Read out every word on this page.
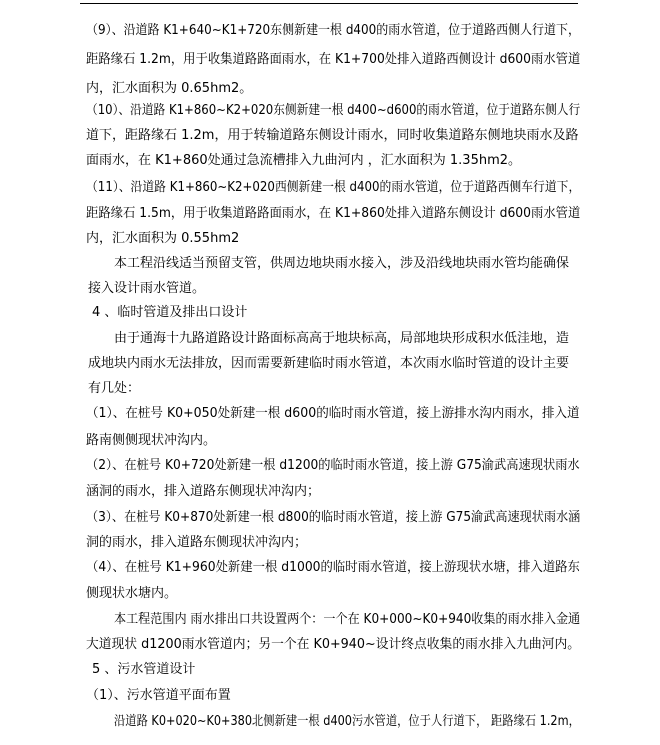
（9）、沿道路 K1+640~K1+720东侧新建一根 d400的雨水管道，位于道路西侧人行道下，
距路缘石 1.2m，用于收集道路路面雨水，在 K1+700处排入道路西侧设计 d600雨水管道
内，汇水面积为 0.65hm2。
（10）、沿道路 K1+860~K2+020东侧新建一根 d400~d600的雨水管道，位于道路东侧人行
道下，距路缘石 1.2m，用于转输道路东侧设计雨水，同时收集道路东侧地块雨水及路
面雨水，在 K1+860处通过急流槽排入九曲河内 ，汇水面积为 1.35hm2。
（11）、沿道路 K1+860~K2+020西侧新建一根 d400的雨水管道，位于道路西侧车行道下，
距路缘石 1.5m，用于收集道路路面雨水，在 K1+860处排入道路东侧设计 d600雨水管道
内，汇水面积为 0.55hm2
本工程沿线适当预留支管，供周边地块雨水接入，涉及沿线地块雨水管均能确保
接入设计雨水管道。
4 、临时管道及排出口设计
由于通海十九路道路设计路面标高高于地块标高，局部地块形成积水低洼地，造
成地块内雨水无法排放，因而需要新建临时雨水管道，本次雨水临时管道的设计主要
有几处：
（1）、在桩号 K0+050处新建一根 d600的临时雨水管道，接上游排水沟内雨水，排入道
路南侧侧现状冲沟内。
（2）、在桩号 K0+720处新建一根 d1200的临时雨水管道，接上游 G75渝武高速现状雨水
涵洞的雨水，排入道路东侧现状冲沟内；
（3）、在桩号 K0+870处新建一根 d800的临时雨水管道，接上游 G75渝武高速现状雨水涵
洞的雨水，排入道路东侧现状冲沟内；
（4）、在桩号 K1+960处新建一根 d1000的临时雨水管道，接上游现状水塘，排入道路东
侧现状水塘内。
本工程范围内 雨水排出口共设置两个：一个在 K0+000~K0+940收集的雨水排入金通
大道现状 d1200雨水管道内；另一个在 K0+940~设计终点收集的雨水排入九曲河内。
5 、污水管道设计
（1）、污水管道平面布置
沿道路 K0+020~K0+380北侧新建一根 d400污水管道，位于人行道下， 距路缘石 1.2m，
